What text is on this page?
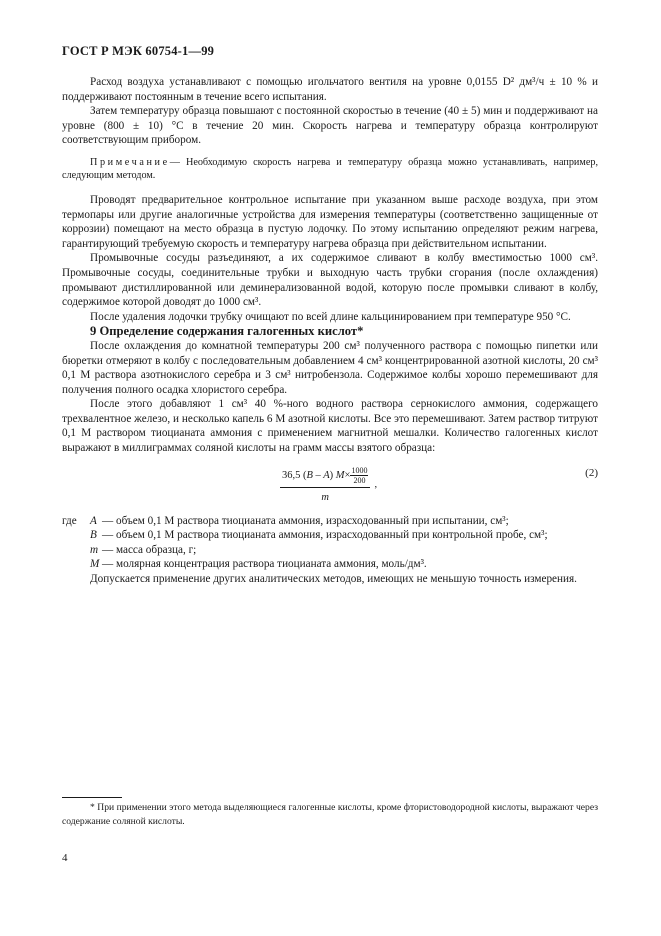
ГОСТ Р МЭК 60754-1—99

Расход воздуха устанавливают с помощью игольчатого вентиля на уровне 0,0155 D² дм³/ч ± 10 % и поддерживают постоянным в течение всего испытания.

Затем температуру образца повышают с постоянной скоростью в течение (40 ± 5) мин и поддерживают на уровне (800 ± 10) °С в течение 20 мин. Скорость нагрева и температуру образца контролируют соответствующим прибором.

Примечание— Необходимую скорость нагрева и температуру образца можно устанавливать, например, следующим методом.

Проводят предварительное контрольное испытание при указанном выше расходе воздуха, при этом термопары или другие аналогичные устройства для измерения температуры (соответственно защищенные от коррозии) помещают на место образца в пустую лодочку. По этому испытанию определяют режим нагрева, гарантирующий требуемую скорость и температуру нагрева образца при действительном испытании.

Промывочные сосуды разъединяют, а их содержимое сливают в колбу вместимостью 1000 см³. Промывочные сосуды, соединительные трубки и выходную часть трубки сгорания (после охлаждения) промывают дистиллированной или деминерализованной водой, которую после промывки сливают в колбу, содержимое которой доводят до 1000 см³.

После удаления лодочки трубку очищают по всей длине кальцинированием при температуре 950 °С.

9 Определение содержания галогенных кислот*

После охлаждения до комнатной температуры 200 см³ полученного раствора с помощью пипетки или бюретки отмеряют в колбу с последовательным добавлением 4 см³ концентрированной азотной кислоты, 20 см³ 0,1 М раствора азотнокислого серебра и 3 см³ нитробензола. Содержимое колбы хорошо перемешивают для получения полного осадка хлористого серебра.

После этого добавляют 1 см³ 40 %-ного водного раствора сернокислого аммония, содержащего трехвалентное железо, и несколько капель 6 М азотной кислоты. Все это перемешивают. Затем раствор титруют 0,1 М раствором тиоцианата аммония с применением магнитной мешалки. Количество галогенных кислот выражают в миллиграммах соляной кислоты на грамм массы взятого образца:

$\frac{36,5 (B - A) M\times \frac{1000}{200}}{m}$ ,
(2)
где	A — объем 0,1 М раствора тиоцианата аммония, израсходованный при испытании, см³;
B — объем 0,1 М раствора тиоцианата аммония, израсходованный при контрольной пробе, см³;
m — масса образца, г;
M — молярная концентрация раствора тиоцианата аммония, моль/дм³.

Допускается применение других аналитических методов, имеющих не меньшую точность измерения.

* При применении этого метода выделяющиеся галогенные кислоты, кроме фтористоводородной кислоты, выражают через содержание соляной кислоты.
4
